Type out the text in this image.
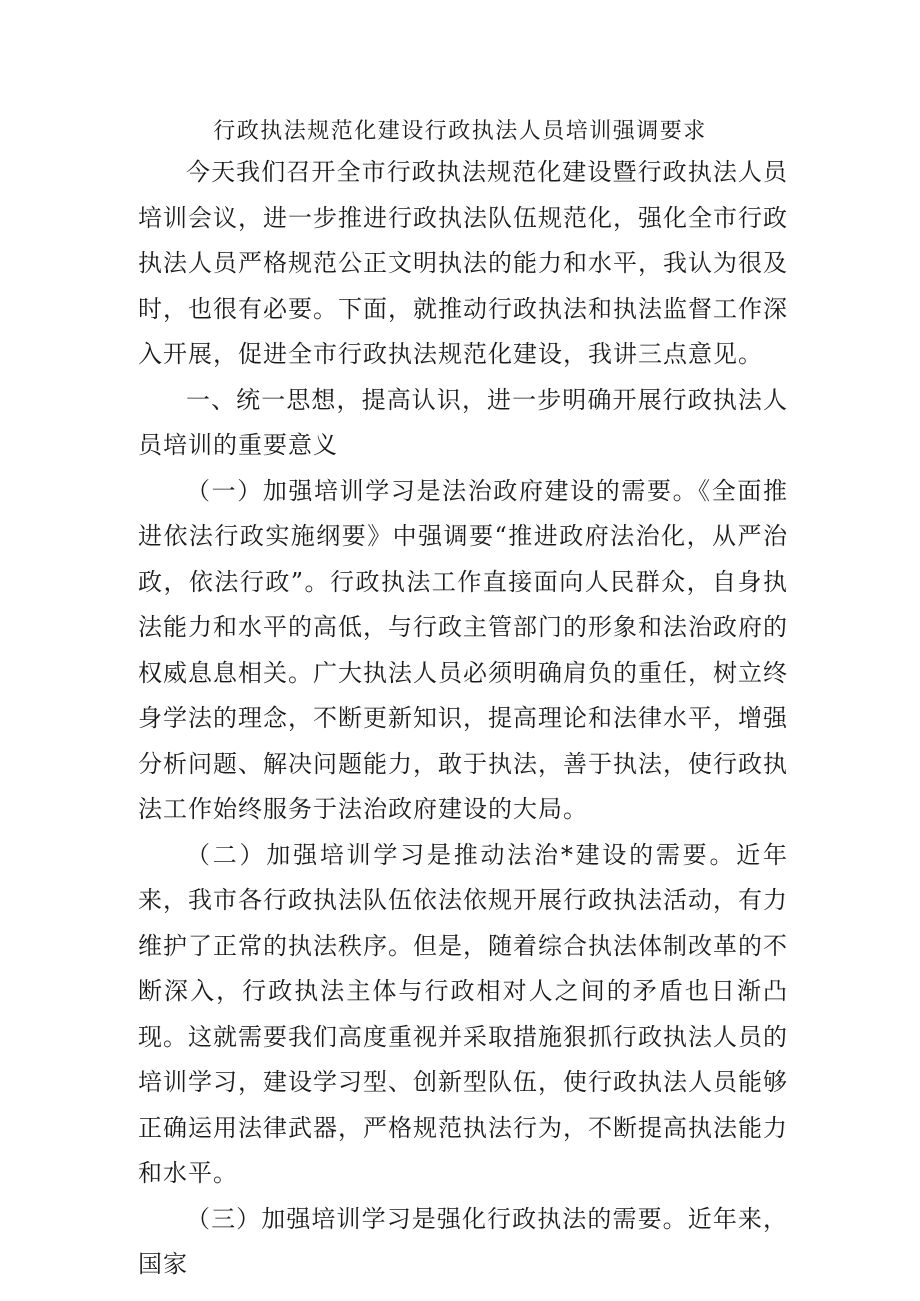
行政执法规范化建设行政执法人员培训强调要求

今天我们召开全市行政执法规范化建设暨行政执法人员培训会议，进一步推进行政执法队伍规范化，强化全市行政执法人员严格规范公正文明执法的能力和水平，我认为很及时，也很有必要。下面，就推动行政执法和执法监督工作深入开展，促进全市行政执法规范化建设，我讲三点意见。

一、统一思想，提高认识，进一步明确开展行政执法人员培训的重要意义

（一）加强培训学习是法治政府建设的需要。《全面推进依法行政实施纲要》中强调要“推进政府法治化，从严治政，依法行政”。行政执法工作直接面向人民群众，自身执法能力和水平的高低，与行政主管部门的形象和法治政府的权威息息相关。广大执法人员必须明确肩负的重任，树立终身学法的理念，不断更新知识，提高理论和法律水平，增强分析问题、解决问题能力，敢于执法，善于执法，使行政执法工作始终服务于法治政府建设的大局。

（二）加强培训学习是推动法治*建设的需要。近年来，我市各行政执法队伍依法依规开展行政执法活动，有力维护了正常的执法秩序。但是，随着综合执法体制改革的不断深入，行政执法主体与行政相对人之间的矛盾也日渐凸现。这就需要我们高度重视并采取措施狠抓行政执法人员的培训学习，建设学习型、创新型队伍，使行政执法人员能够正确运用法律武器，严格规范执法行为，不断提高执法能力和水平。

（三）加强培训学习是强化行政执法的需要。近年来，国家
